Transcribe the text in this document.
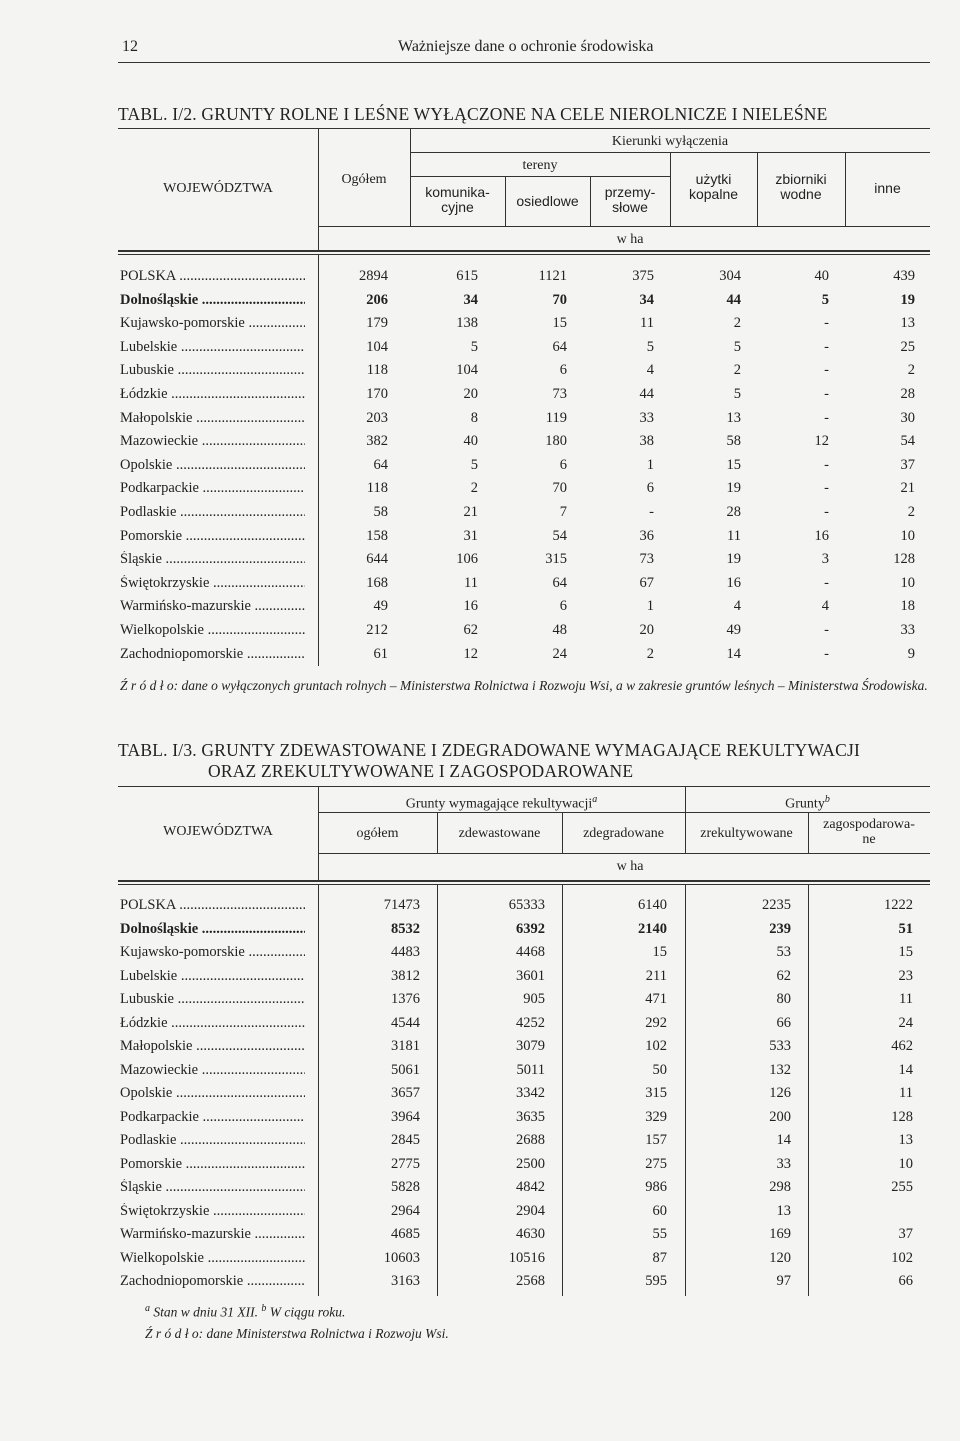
12	Ważniejsze dane o ochronie środowiska
TABL. I/2. GRUNTY ROLNE I LEŚNE WYŁĄCZONE NA CELE NIEROLNICZE I NIELEŚNE
WOJEWÓDZTWA
Ogółem
Kierunki wyłączenia
tereny
komunika-
cyjne	osiedlowe
przemy-
słowe
użytki
kopalne
zbiorniki
wodne	inne
w ha
POLSKA .....	2894	615	1121	375	304	40	439
Dolnośląskie .....	206	34	70	34	44	5	19
Kujawsko-pomorskie .....	179	138	15	11	2	-	13
Lubelskie .....	104	5	64	5	5	-	25
Lubuskie .....	118	104	6	4	2	-	2
Łódzkie .....	170	20	73	44	5	-	28
Małopolskie .....	203	8	119	33	13	-	30
Mazowieckie .....	382	40	180	38	58	12	54
Opolskie .....	64	5	6	1	15	-	37
Podkarpackie .....	118	2	70	6	19	-	21
Podlaskie .....	58	21	7	-	28	-	2
Pomorskie .....	158	31	54	36	11	16	10
Śląskie .....	644	106	315	73	19	3	128
Świętokrzyskie .....	168	11	64	67	16	-	10
Warmińsko-mazurskie .....	49	16	6	1	4	4	18
Wielkopolskie .....	212	62	48	20	49	-	33
Zachodniopomorskie .....	61	12	24	2	14	-	9
Ź r ó d ł o: dane o wyłączonych gruntach rolnych – Ministerstwa Rolnictwa i Rozwoju Wsi, a w zakresie gruntów leśnych – Ministerstwa Środowiska.
TABL. I/3. GRUNTY ZDEWASTOWANE I ZDEGRADOWANE WYMAGAJĄCE REKULTYWACJI
ORAZ ZREKULTYWOWANE I ZAGOSPODAROWANE
WOJEWÓDZTWA
Grunty wymagające rekultywacji$^a$	Grunty$^b$
ogółem	zdewastowane	zdegradowane	zrekultywowane
zagospodarowa-
ne
w ha
POLSKA .....	71473	65333	6140	2235	1222
Dolnośląskie .....	8532	6392	2140	239	51
Kujawsko-pomorskie .....	4483	4468	15	53	15
Lubelskie .....	3812	3601	211	62	23
Lubuskie .....	1376	905	471	80	11
Łódzkie .....	4544	4252	292	66	24
Małopolskie .....	3181	3079	102	533	462
Mazowieckie .....	5061	5011	50	132	14
Opolskie .....	3657	3342	315	126	11
Podkarpackie .....	3964	3635	329	200	128
Podlaskie .....	2845	2688	157	14	13
Pomorskie .....	2775	2500	275	33	10
Śląskie .....	5828	4842	986	298	255
Świętokrzyskie .....	2964	2904	60	13
Warmińsko-mazurskie .....	4685	4630	55	169	37
Wielkopolskie .....	10603	10516	87	120	102
Zachodniopomorskie .....	3163	2568	595	97	66
$^a$ Stan w dniu 31 XII. $^b$ W ciągu roku.
Ź r ó d ł o: dane Ministerstwa Rolnictwa i Rozwoju Wsi.
